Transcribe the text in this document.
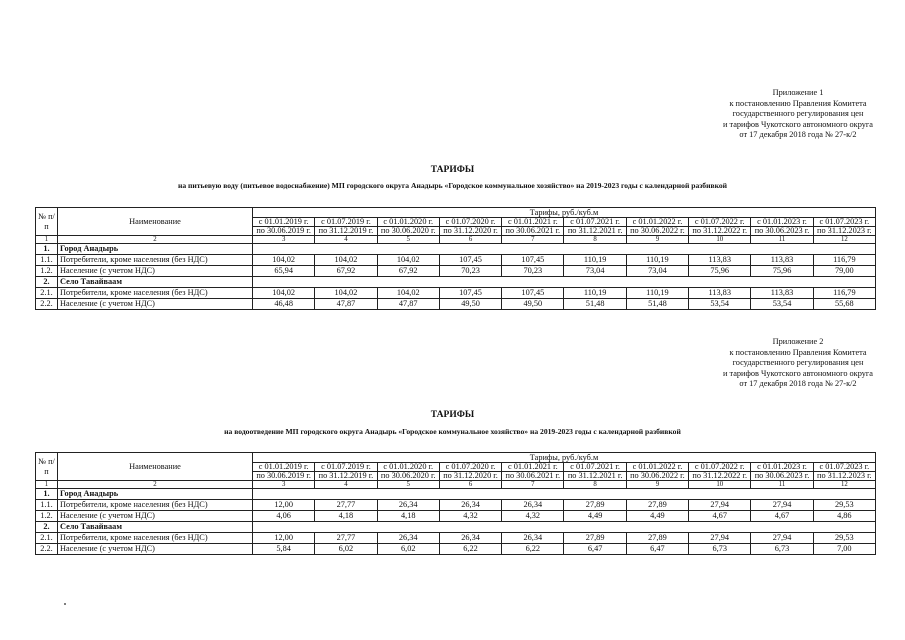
Приложение 1
к постановлению Правления Комитета
государственного регулирования цен
и тарифов Чукотского автономного округа
от 17 декабря 2018 года № 27-к/2
ТАРИФЫ
на питьевую воду (питьевое водоснабжение) МП городского округа Анадырь «Городское коммунальное хозяйство» на 2019-2023 годы с календарной разбивкой
№ п/п	Наименование	Тарифы, руб./куб.м									
		с 01.01.2019 г.	с 01.07.2019 г.	с 01.01.2020 г.	с 01.07.2020 г.	с 01.01.2021 г.	с 01.07.2021 г.	с 01.01.2022 г.	с 01.07.2022 г.	с 01.01.2023 г.	с 01.07.2023 г.
		по 30.06.2019 г.	по 31.12.2019 г.	по 30.06.2020 г.	по 31.12.2020 г.	по 30.06.2021 г.	по 31.12.2021 г.	по 30.06.2022 г.	по 31.12.2022 г.	по 30.06.2023 г.	по 31.12.2023 г.
1	2	3	4	5	6	7	8	9	10	11	12
1.	Город Анадырь										
1.1.	Потребители, кроме населения (без НДС)	104,02	104,02	104,02	107,45	107,45	110,19	110,19	113,83	113,83	116,79
1.2.	Население (с учетом НДС)	65,94	67,92	67,92	70,23	70,23	73,04	73,04	75,96	75,96	79,00
2.	Село Тавайваам										
2.1.	Потребители, кроме населения (без НДС)	104,02	104,02	104,02	107,45	107,45	110,19	110,19	113,83	113,83	116,79
2.2.	Население (с учетом НДС)	46,48	47,87	47,87	49,50	49,50	51,48	51,48	53,54	53,54	55,68
Приложение 2
к постановлению Правления Комитета
государственного регулирования цен
и тарифов Чукотского автономного округа
от 17 декабря 2018 года № 27-к/2
ТАРИФЫ
на водоотведение МП городского округа Анадырь «Городское коммунальное хозяйство» на 2019-2023 годы с календарной разбивкой
№ п/п	Наименование	Тарифы, руб./куб.м									
		с 01.01.2019 г.	с 01.07.2019 г.	с 01.01.2020 г.	с 01.07.2020 г.	с 01.01.2021 г.	с 01.07.2021 г.	с 01.01.2022 г.	с 01.07.2022 г.	с 01.01.2023 г.	с 01.07.2023 г.
		по 30.06.2019 г.	по 31.12.2019 г.	по 30.06.2020 г.	по 31.12.2020 г.	по 30.06.2021 г.	по 31.12.2021 г.	по 30.06.2022 г.	по 31.12.2022 г.	по 30.06.2023 г.	по 31.12.2023 г.
1	2	3	4	5	6	7	8	9	10	11	12
1.	Город Анадырь										
1.1.	Потребители, кроме населения (без НДС)	12,00	27,77	26,34	26,34	26,34	27,89	27,89	27,94	27,94	29,53
1.2.	Население (с учетом НДС)	4,06	4,18	4,18	4,32	4,32	4,49	4,49	4,67	4,67	4,86
2.	Село Тавайваам										
2.1.	Потребители, кроме населения (без НДС)	12,00	27,77	26,34	26,34	26,34	27,89	27,89	27,94	27,94	29,53
2.2.	Население (с учетом НДС)	5,84	6,02	6,02	6,22	6,22	6,47	6,47	6,73	6,73	7,00
